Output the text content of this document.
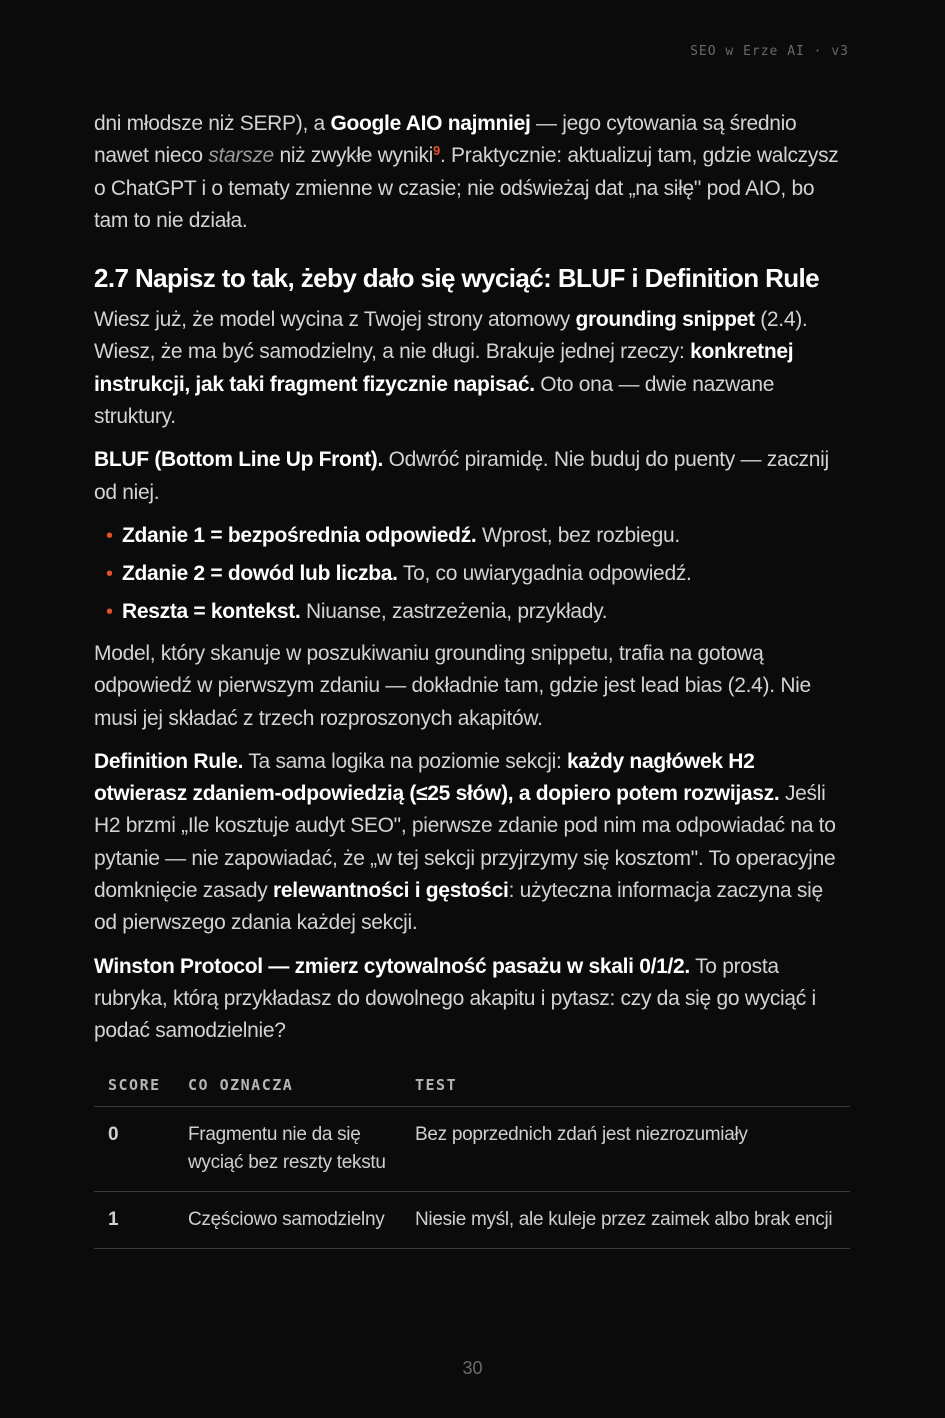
SEO w Erze AI · v3

dni młodsze niż SERP), a Google AIO najmniej — jego cytowania są średnio nawet nieco starsze niż zwykłe wyniki$^9$. Praktycznie: aktualizuj tam, gdzie walczysz o ChatGPT i o tematy zmienne w czasie; nie odświeżaj dat „na siłę" pod AIO, bo tam to nie działa.

2.7 Napisz to tak, żeby dało się wyciąć: BLUF i Definition Rule

Wiesz już, że model wycina z Twojej strony atomowy grounding snippet (2.4). Wiesz, że ma być samodzielny, a nie długi. Brakuje jednej rzeczy: konkretnej instrukcji, jak taki fragment fizycznie napisać. Oto ona — dwie nazwane struktury.

BLUF (Bottom Line Up Front). Odwróć piramidę. Nie buduj do puenty — zacznij od niej.

• Zdanie 1 = bezpośrednia odpowiedź. Wprost, bez rozbiegu.
• Zdanie 2 = dowód lub liczba. To, co uwiarygadnia odpowiedź.
• Reszta = kontekst. Niuanse, zastrzeżenia, przykłady.

Model, który skanuje w poszukiwaniu grounding snippetu, trafia na gotową odpowiedź w pierwszym zdaniu — dokładnie tam, gdzie jest lead bias (2.4). Nie musi jej składać z trzech rozproszonych akapitów.

Definition Rule. Ta sama logika na poziomie sekcji: każdy nagłówek H2 otwierasz zdaniem-odpowiedzią (≤25 słów), a dopiero potem rozwijasz. Jeśli H2 brzmi „Ile kosztuje audyt SEO", pierwsze zdanie pod nim ma odpowiadać na to pytanie — nie zapowiadać, że „w tej sekcji przyjrzymy się kosztom". To operacyjne domknięcie zasady relewantności i gęstości: użyteczna informacja zaczyna się od pierwszego zdania każdej sekcji.

Winston Protocol — zmierz cytowalność pasażu w skali 0/1/2. To prosta rubryka, którą przykładasz do dowolnego akapitu i pytasz: czy da się go wyciąć i podać samodzielnie?

SCORE	CO OZNACZA	TEST
0	Fragmentu nie da się wyciąć bez reszty tekstu	Bez poprzednich zdań jest niezrozumiały
1	Częściowo samodzielny	Niesie myśl, ale kuleje przez zaimek albo brak encji
30
